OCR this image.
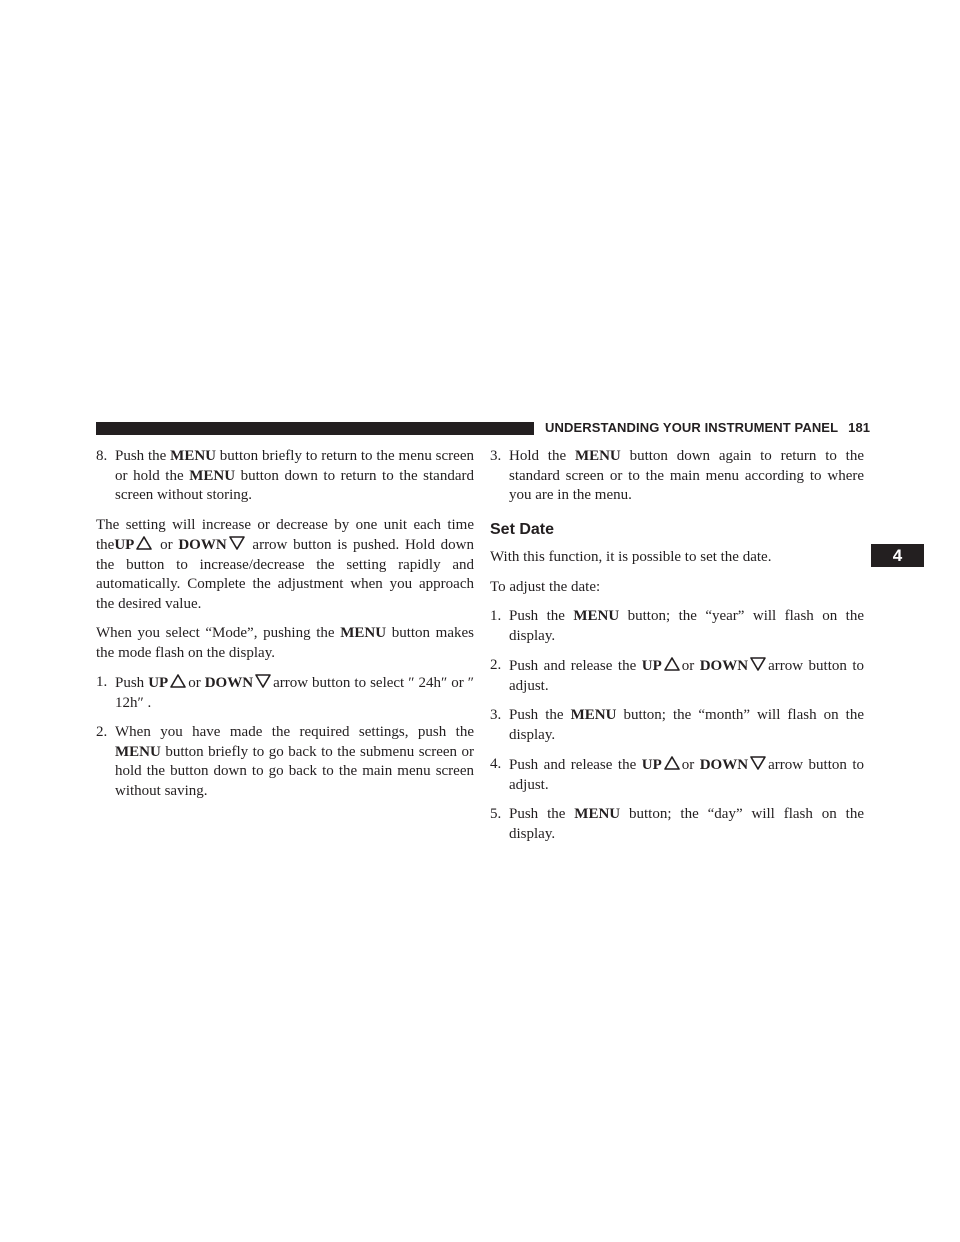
UNDERSTANDING YOUR INSTRUMENT PANEL 181
4
8. Push the MENU button briefly to return to the menu screen or hold the MENU button down to return to the standard screen without storing.

The setting will increase or decrease by one unit each time theUP or DOWN
arrow button is pushed. Hold down the button to increase/decrease the setting rapidly and automatically. Complete the adjustment when you approach the desired value.

When you select “Mode”, pushing the MENU button makes the mode flash on the display.

1. Push UP or DOWN arrow button to select ″ 24h″ or ″ 12h″ .
2. When you have made the required settings, push the MENU button briefly to go back to the submenu screen or hold the button down to go back to the main menu screen without saving.
3. Hold the MENU button down again to return to the standard screen or to the main menu according to where you are in the menu.
Set Date

With this function, it is possible to set the date.

To adjust the date:

1. Push the MENU button; the “year” will flash on the display.
2. Push and release the UP or DOWN arrow button to adjust.
3. Push the MENU button; the “month” will flash on the display.
4. Push and release the UP or DOWN arrow button to adjust.
5. Push the MENU button; the “day” will flash on the display.
